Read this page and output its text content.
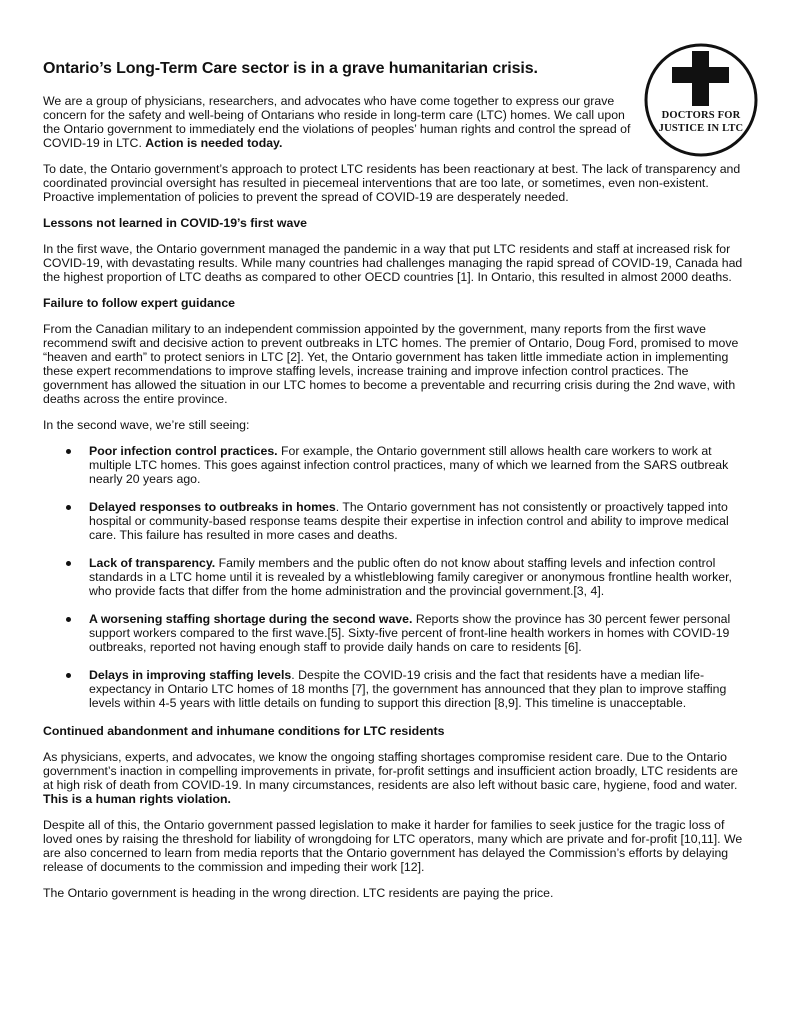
Ontario’s Long-Term Care sector is in a grave humanitarian crisis.
DOCTORS FOR
JUSTICE IN LTC

We are a group of physicians, researchers, and advocates who have come together to express our grave concern for the safety and well-being of Ontarians who reside in long-term care (LTC) homes. We call upon the Ontario government to immediately end the violations of peoples’ human rights and control the spread of COVID-19 in LTC. Action is needed today.

To date, the Ontario government’s approach to protect LTC residents has been reactionary at best. The lack of transparency and coordinated provincial oversight has resulted in piecemeal interventions that are too late, or sometimes, even non-existent. Proactive implementation of policies to prevent the spread of COVID-19 are desperately needed.

Lessons not learned in COVID-19’s first wave

In the first wave, the Ontario government managed the pandemic in a way that put LTC residents and staff at increased risk for COVID-19, with devastating results. While many countries had challenges managing the rapid spread of COVID-19, Canada had the highest proportion of LTC deaths as compared to other OECD countries [1]. In Ontario, this resulted in almost 2000 deaths.

Failure to follow expert guidance

From the Canadian military to an independent commission appointed by the government, many reports from the first wave recommend swift and decisive action to prevent outbreaks in LTC homes. The premier of Ontario, Doug Ford, promised to move “heaven and earth” to protect seniors in LTC [2]. Yet, the Ontario government has taken little immediate action in implementing these expert recommendations to improve staffing levels, increase training and improve infection control practices. The government has allowed the situation in our LTC homes to become a preventable and recurring crisis during the 2nd wave, with deaths across the entire province.

In the second wave, we’re still seeing:

Poor infection control practices. For example, the Ontario government still allows health care workers to work at multiple LTC homes. This goes against infection control practices, many of which we learned from the SARS outbreak nearly 20 years ago.
Delayed responses to outbreaks in homes. The Ontario government has not consistently or proactively tapped into hospital or community-based response teams despite their expertise in infection control and ability to improve medical care. This failure has resulted in more cases and deaths.
Lack of transparency. Family members and the public often do not know about staffing levels and infection control standards in a LTC home until it is revealed by a whistleblowing family caregiver or anonymous frontline health worker, who provide facts that differ from the home administration and the provincial government.[3, 4].
A worsening staffing shortage during the second wave. Reports show the province has 30 percent fewer personal support workers compared to the first wave.[5]. Sixty-five percent of front-line health workers in homes with COVID-19 outbreaks, reported not having enough staff to provide daily hands on care to residents [6].
Delays in improving staffing levels. Despite the COVID-19 crisis and the fact that residents have a median life-expectancy in Ontario LTC homes of 18 months [7], the government has announced that they plan to improve staffing levels within 4-5 years with little details on funding to support this direction [8,9]. This timeline is unacceptable.
Continued abandonment and inhumane conditions for LTC residents

As physicians, experts, and advocates, we know the ongoing staffing shortages compromise resident care. Due to the Ontario government’s inaction in compelling improvements in private, for-profit settings and insufficient action broadly, LTC residents are at high risk of death from COVID-19. In many circumstances, residents are also left without basic care, hygiene, food and water. This is a human rights violation.

Despite all of this, the Ontario government passed legislation to make it harder for families to seek justice for the tragic loss of loved ones by raising the threshold for liability of wrongdoing for LTC operators, many which are private and for-profit [10,11]. We are also concerned to learn from media reports that the Ontario government has delayed the Commission’s efforts by delaying release of documents to the commission and impeding their work [12].

The Ontario government is heading in the wrong direction. LTC residents are paying the price.
